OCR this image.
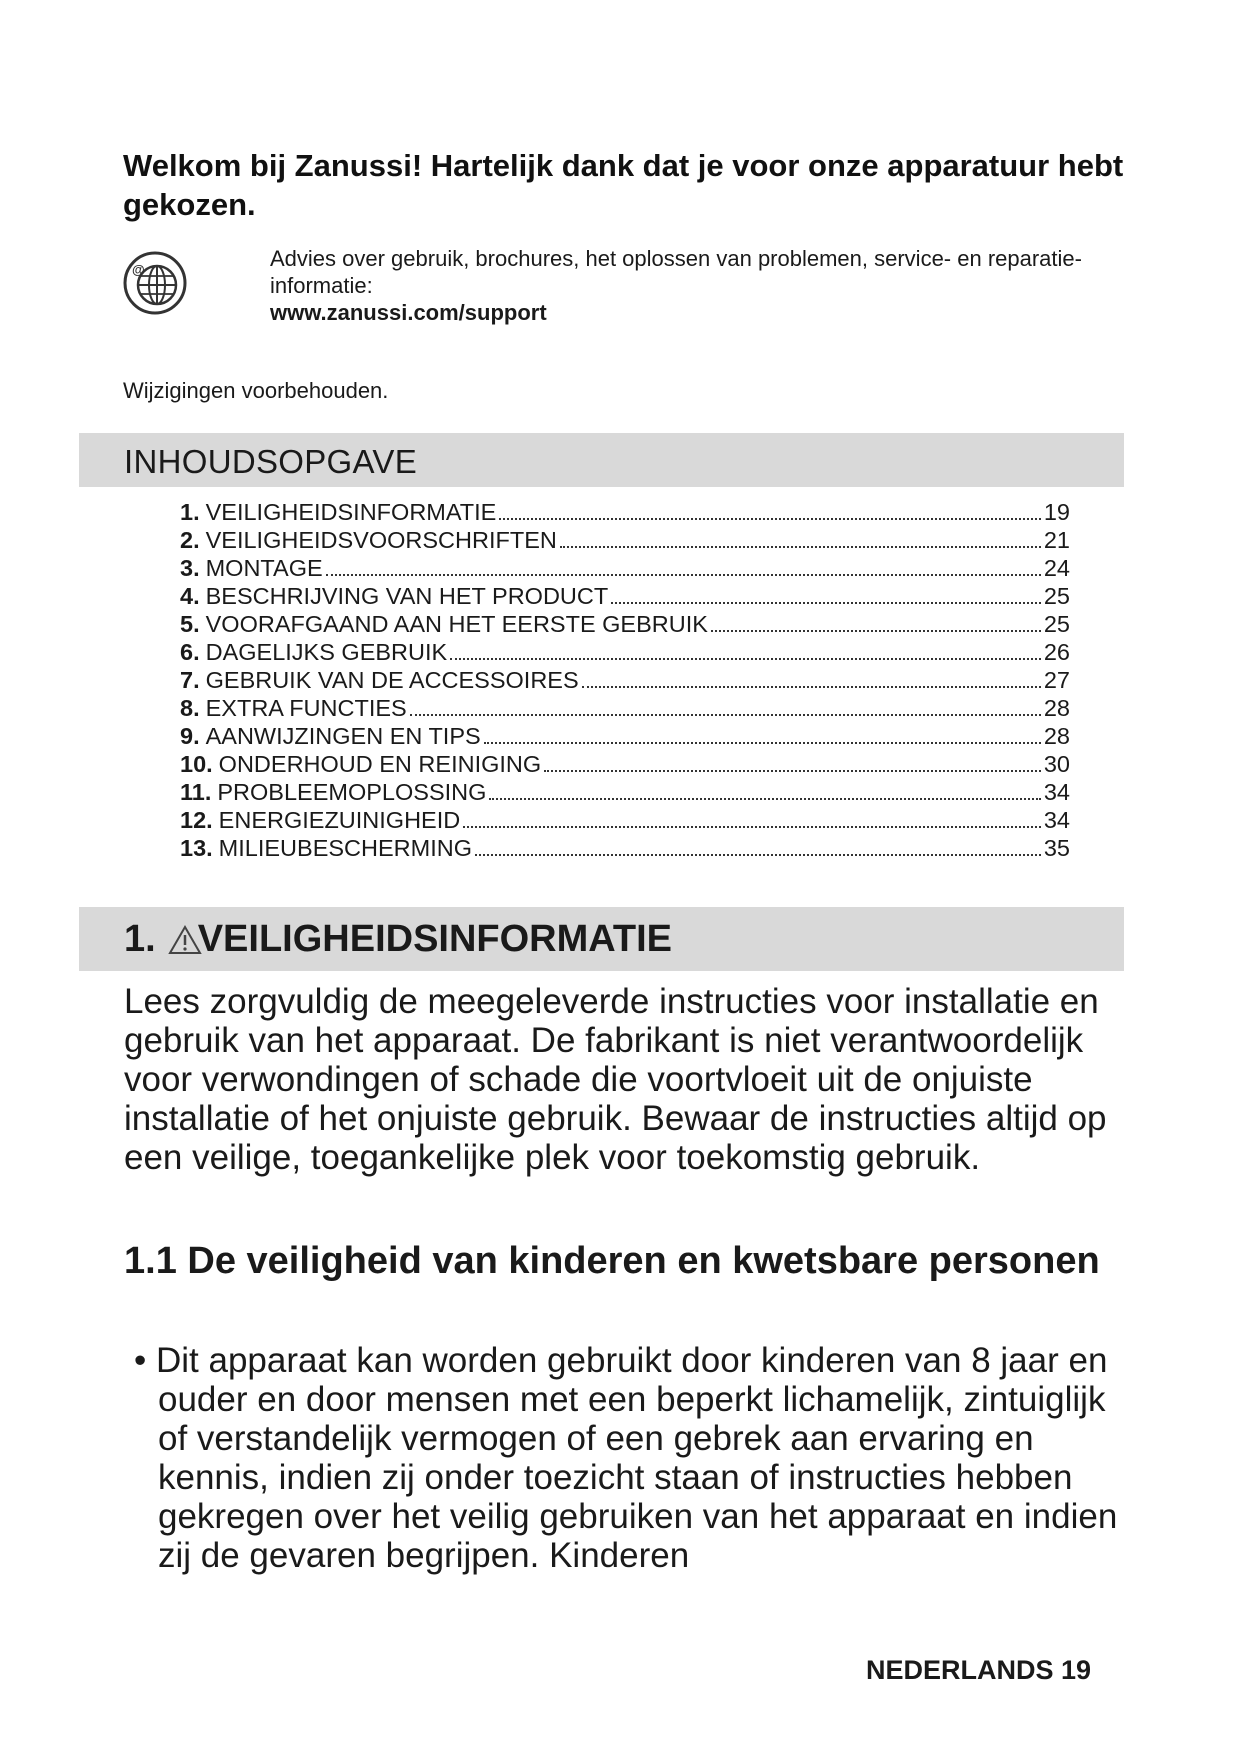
Welkom bij Zanussi! Hartelijk dank dat je voor onze apparatuur hebt gekozen.
@	Advies over gebruik, brochures, het oplossen van problemen, service- en reparatie-informatie:
www.zanussi.com/support
Wijzigingen voorbehouden.
INHOUDSOPGAVE
1. VEILIGHEIDSINFORMATIE	19
2. VEILIGHEIDSVOORSCHRIFTEN	21
3. MONTAGE	24
4. BESCHRIJVING VAN HET PRODUCT	25
5. VOORAFGAAND AAN HET EERSTE GEBRUIK	25
6. DAGELIJKS GEBRUIK	26
7. GEBRUIK VAN DE ACCESSOIRES	27
8. EXTRA FUNCTIES	28
9. AANWIJZINGEN EN TIPS	28
10. ONDERHOUD EN REINIGING	30
11. PROBLEEMOPLOSSING	34
12. ENERGIEZUINIGHEID	34
13. MILIEUBESCHERMING	35
1. VEILIGHEIDSINFORMATIE
Lees zorgvuldig de meegeleverde instructies voor installatie en gebruik van het apparaat. De fabrikant is niet verantwoordelijk voor verwondingen of schade die voortvloeit uit de onjuiste installatie of het onjuiste gebruik. Bewaar de instructies altijd op een veilige, toegankelijke plek voor toekomstig gebruik.
1.1 De veiligheid van kinderen en kwetsbare personen
• Dit apparaat kan worden gebruikt door kinderen van 8 jaar en ouder en door mensen met een beperkt lichamelijk, zintuiglijk of verstandelijk vermogen of een gebrek aan ervaring en kennis, indien zij onder toezicht staan of instructies hebben gekregen over het veilig gebruiken van het apparaat en indien zij de gevaren begrijpen. Kinderen
NEDERLANDS 19
